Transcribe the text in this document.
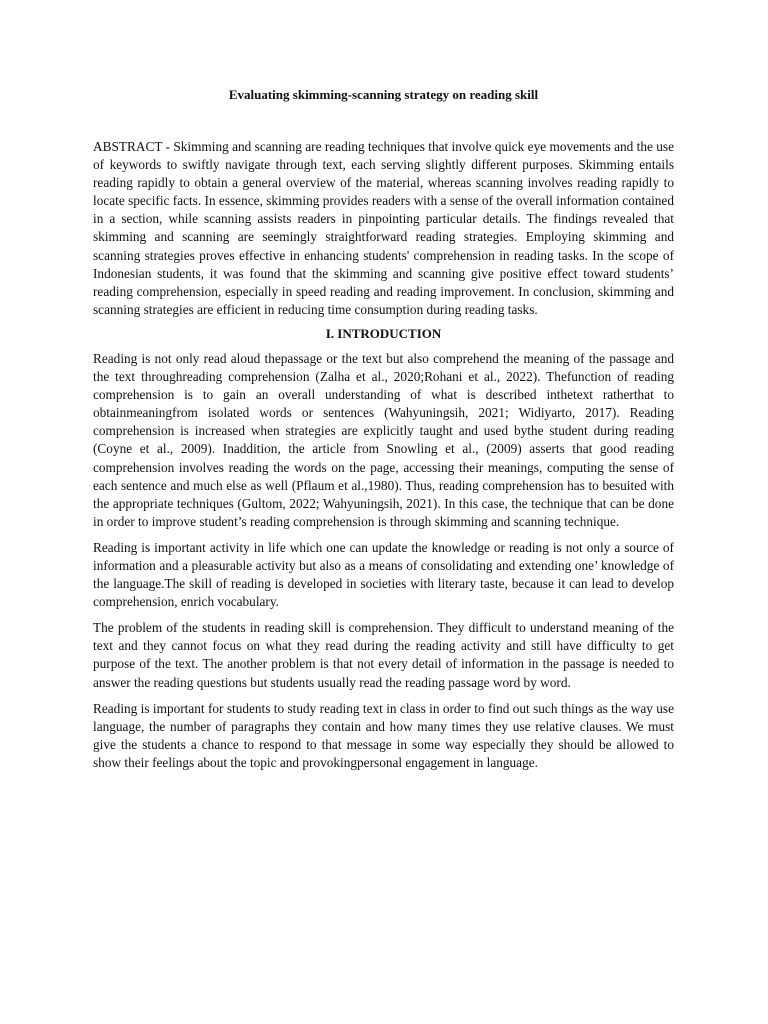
Evaluating skimming-scanning strategy on reading skill

ABSTRACT - Skimming and scanning are reading techniques that involve quick eye movements and the use of keywords to swiftly navigate through text, each serving slightly different purposes. Skimming entails reading rapidly to obtain a general overview of the material, whereas scanning involves reading rapidly to locate specific facts. In essence, skimming provides readers with a sense of the overall information contained in a section, while scanning assists readers in pinpointing particular details. The findings revealed that skimming and scanning are seemingly straightforward reading strategies. Employing skimming and scanning strategies proves effective in enhancing students' comprehension in reading tasks. In the scope of Indonesian students, it was found that the skimming and scanning give positive effect toward students’ reading comprehension, especially in speed reading and reading improvement. In conclusion, skimming and scanning strategies are efficient in reducing time consumption during reading tasks.

I. INTRODUCTION

Reading is not only read aloud thepassage or the text but also comprehend the meaning of the passage and the text throughreading comprehension (Zalha et al., 2020;Rohani et al., 2022). Thefunction of reading comprehension is to gain an overall understanding of what is described inthetext ratherthat to obtainmeaningfrom isolated words or sentences (Wahyuningsih, 2021; Widiyarto, 2017). Reading comprehension is increased when strategies are explicitly taught and used bythe student during reading (Coyne et al., 2009). Inaddition, the article from Snowling et al., (2009) asserts that good reading comprehension involves reading the words on the page, accessing their meanings, computing the sense of each sentence and much else as well (Pflaum et al.,1980). Thus, reading comprehension has to besuited with the appropriate techniques (Gultom, 2022; Wahyuningsih, 2021). In this case, the technique that can be done in order to improve student’s reading comprehension is through skimming and scanning technique.

Reading is important activity in life which one can update the knowledge or reading is not only a source of information and a pleasurable activity but also as a means of consolidating and extending one’ knowledge of the language.The skill of reading is developed in societies with literary taste, because it can lead to develop comprehension, enrich vocabulary.

The problem of the students in reading skill is comprehension. They difficult to understand meaning of the text and they cannot focus on what they read during the reading activity and still have difficulty to get purpose of the text. The another problem is that not every detail of information in the passage is needed to answer the reading questions but students usually read the reading passage word by word.

Reading is important for students to study reading text in class in order to find out such things as the way use language, the number of paragraphs they contain and how many times they use relative clauses. We must give the students a chance to respond to that message in some way especially they should be allowed to show their feelings about the topic and provokingpersonal engagement in language.
